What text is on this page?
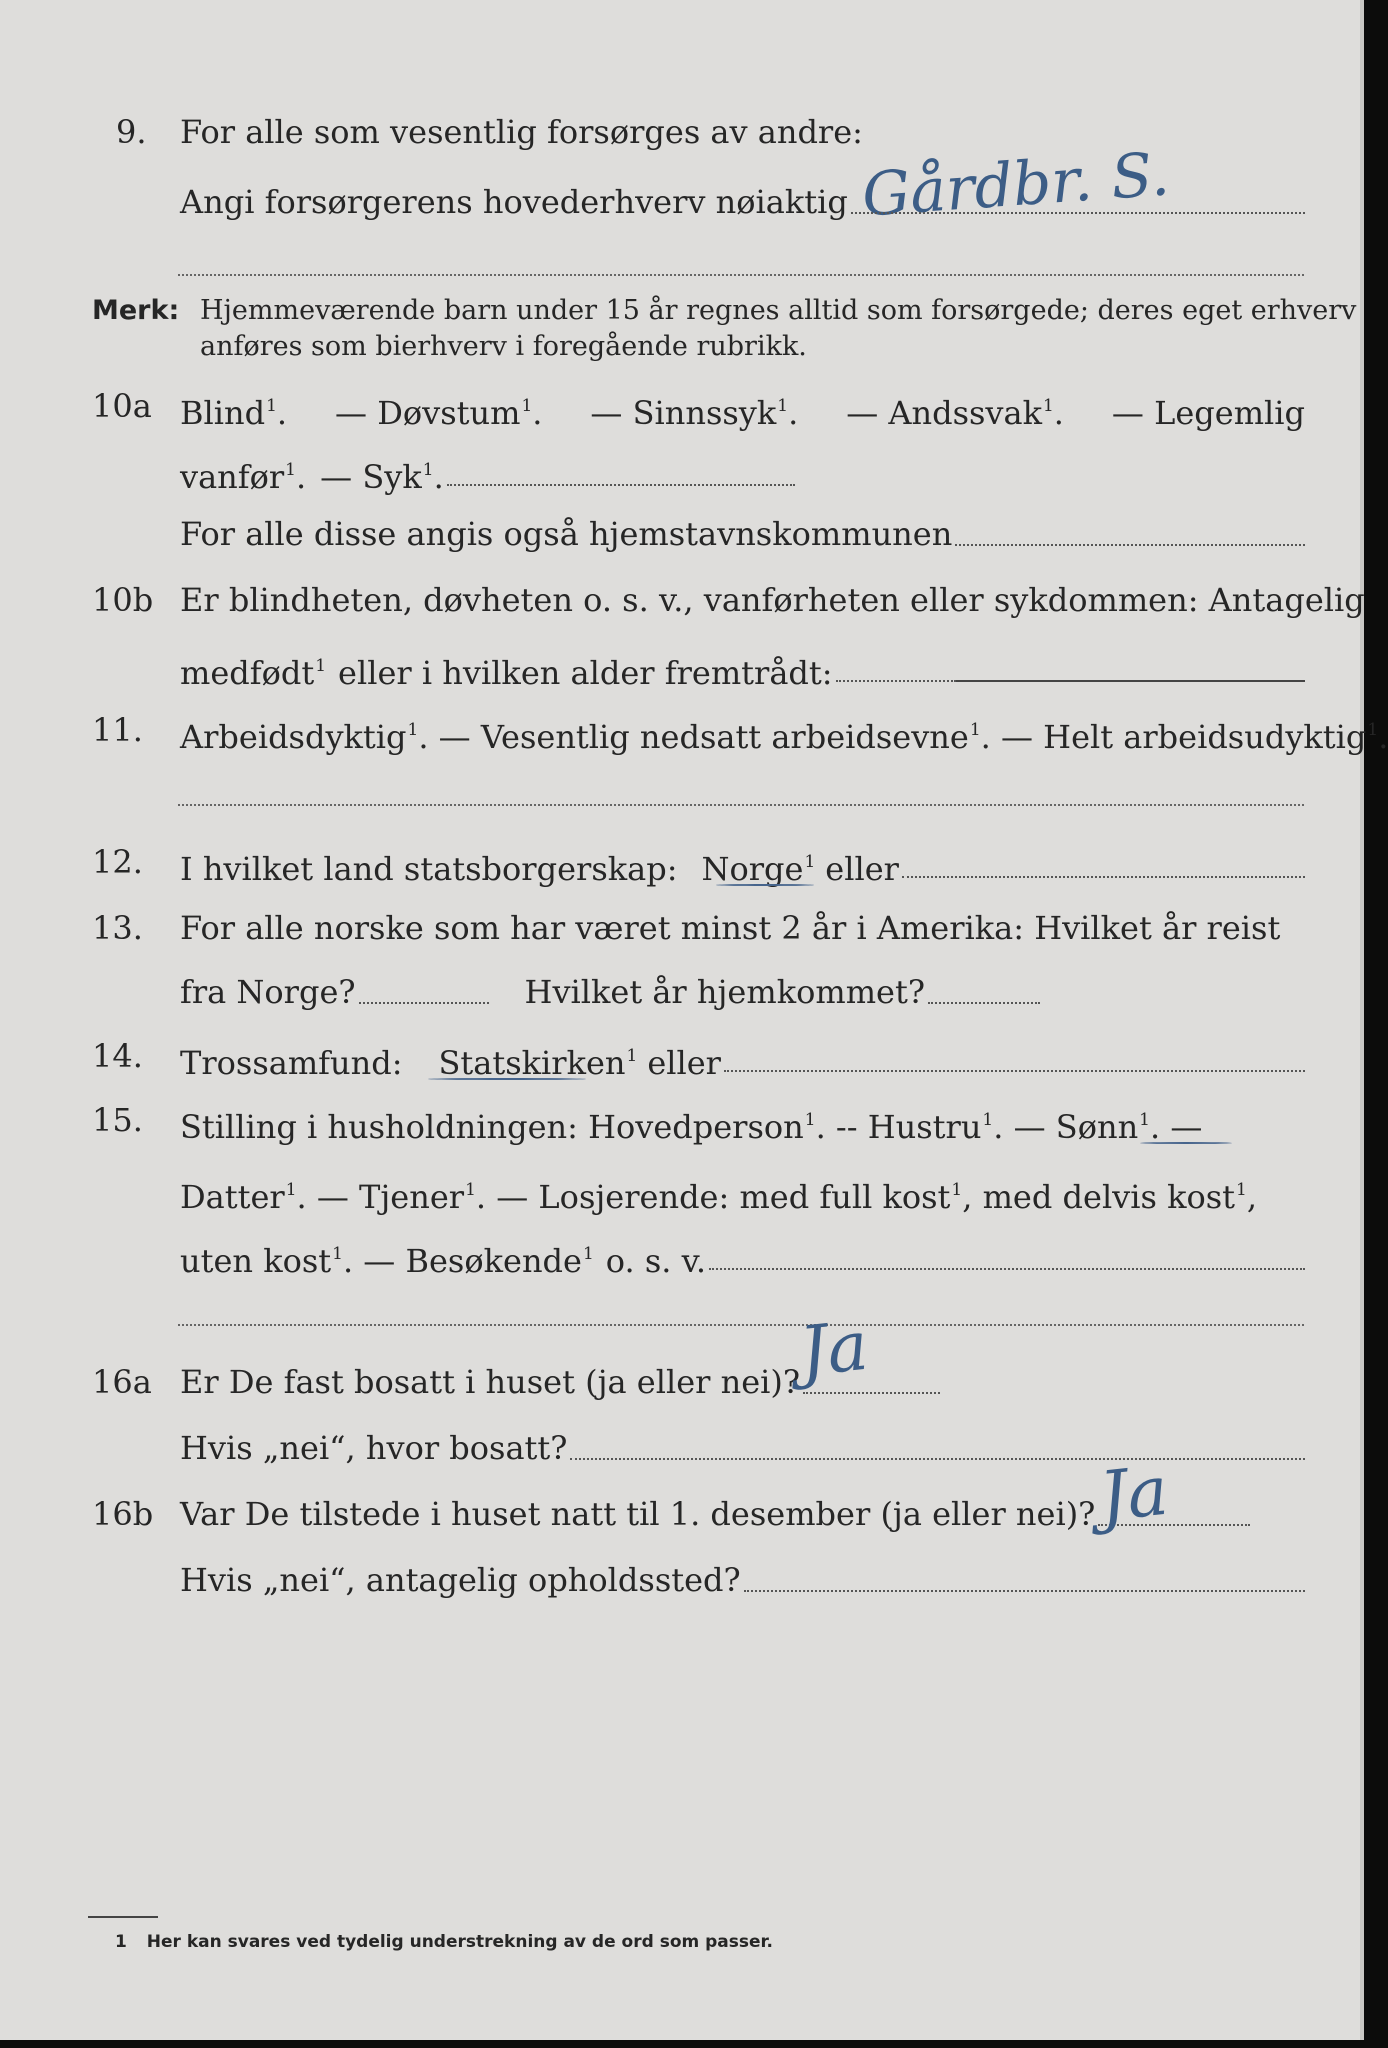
9. For alle som vesentlig forsørges av andre:
Gårdbr. S.
Angi forsørgerens hovederhverv nøiaktig
Merk: Hjemmeværende barn under 15 år regnes alltid som forsørgede; deres eget erhverv
anføres som bierhverv i foregående rubrikk.
10a Blind$^1$. — Døvstum$^1$. — Sinnssyk$^1$. — Andssvak$^1$. — Legemlig
vanfør$^1$. — Syk$^1$.
For alle disse angis også hjemstavnskommunen
10b Er blindheten, døvheten o. s. v., vanførheten eller sykdommen: Antagelig
medfødt$^1$ eller i hvilken alder fremtrådt:
11. Arbeidsdyktig$^1$ . — Vesentlig nedsatt arbeidsevne$^1$ . — Helt arbeidsudyktig$^1$.
12. I hvilket land statsborgerskap: Norge$^1$ eller
13. For alle norske som har været minst 2 år i Amerika: Hvilket år reist
fra Norge?	Hvilket år hjemkommet?
14. Trossamfund: Statskirken$^1$ eller
15. Stilling i husholdningen: Hovedperson$^1$ . -- Hustru$^1$ . — Sønn$^1$ . —
Datter$^1$ . — Tjener$^1$ . — Losjerende: med full kost$^1$ , med delvis kost$^1$ ,
uten kost$^1$ . — Besøkende$^1$ o. s. v.
16a Er De fast bosatt i huset (ja eller nei)?
Ja
Hvis „nei“, hvor bosatt?
16b Var De tilstede i huset natt til 1. desember (ja eller nei)? Ja
Hvis „nei“, antagelig opholdssted?
1 Her kan svares ved tydelig understrekning av de ord som passer.
